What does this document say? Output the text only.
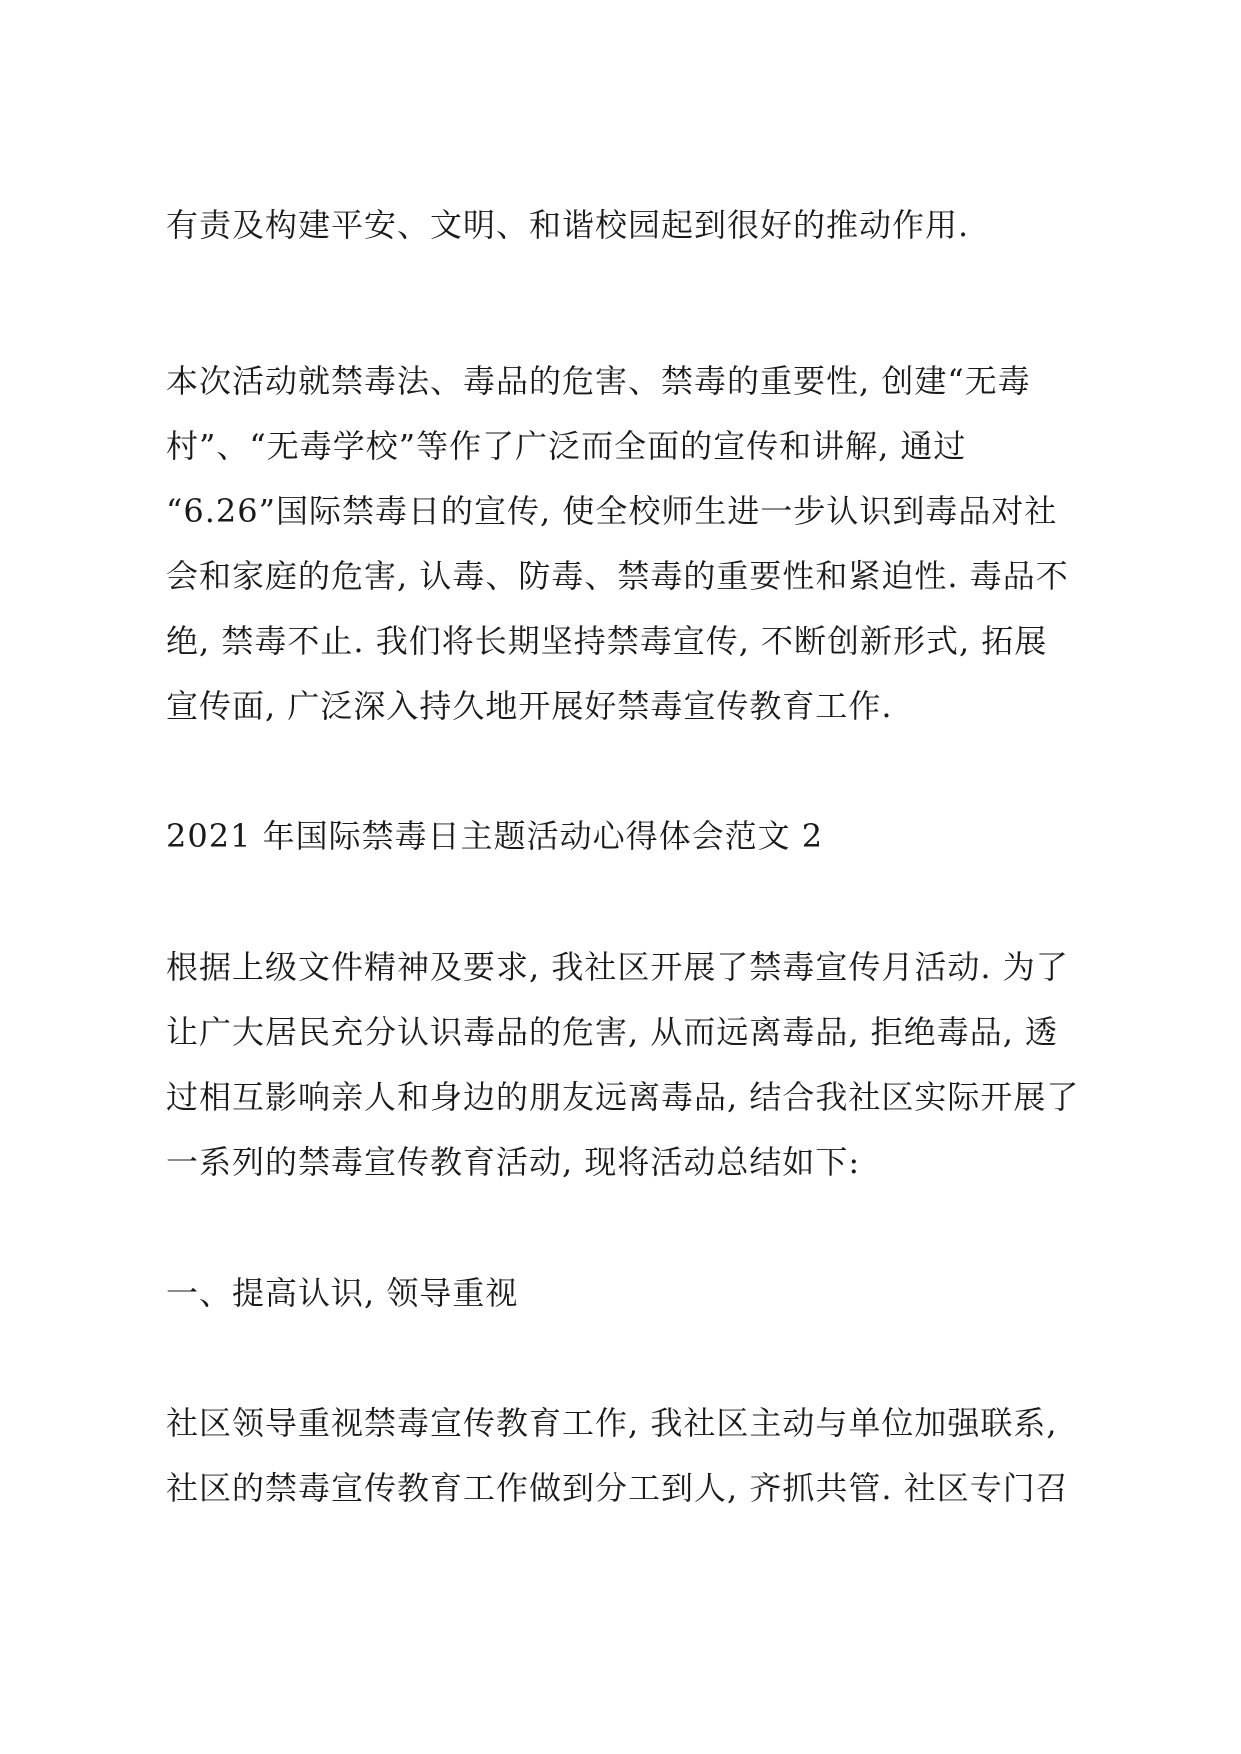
有责及构建平安、文明、和谐校园起到很好的推动作用.
本次活动就禁毒法、毒品的危害、禁毒的重要性, 创建“无毒
村”、“无毒学校”等作了广泛而全面的宣传和讲解, 通过
“6.26”国际禁毒日的宣传, 使全校师生进一步认识到毒品对社
会和家庭的危害, 认毒、防毒、禁毒的重要性和紧迫性. 毒品不
绝, 禁毒不止. 我们将长期坚持禁毒宣传, 不断创新形式, 拓展
宣传面, 广泛深入持久地开展好禁毒宣传教育工作.
2021 年国际禁毒日主题活动心得体会范文 2
根据上级文件精神及要求, 我社区开展了禁毒宣传月活动. 为了
让广大居民充分认识毒品的危害, 从而远离毒品, 拒绝毒品, 透
过相互影响亲人和身边的朋友远离毒品, 结合我社区实际开展了
一系列的禁毒宣传教育活动, 现将活动总结如下:
一、提高认识, 领导重视
社区领导重视禁毒宣传教育工作, 我社区主动与单位加强联系,
社区的禁毒宣传教育工作做到分工到人, 齐抓共管. 社区专门召
